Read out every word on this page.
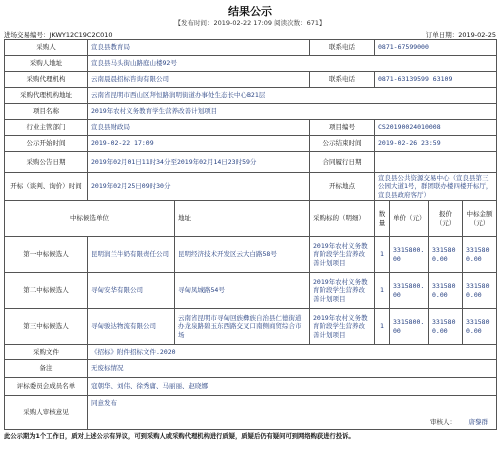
结果公示
【发布时间：2019-02-22 17:09 阅读次数：671】
进场交易编号：JKWY12C19C2C010	订单日期：2019-02-25
采购人	宣良县教育局		联系电话	0871-67599000			
采购人地址	宣良县马头街山路庭山楼92号						
采购代理机构	云南晨晨招标咨询有限公司		联系电话	0871-63139599 63109			
采购代理机构地址	云南省昆明市西山区拜恒路润明街道办事处生态长中心B21层						
项目名称	2019年农村义务教育学生营养改善计划项目						
行业主管部门	宣良县财政局		项目编号	CS20190024010008			
公示开始时间	2019-02-22 17:09		公示结束时间	2019-02-26 23:59			
采购公告日期	2019年02月01日11时34分至2019年02月14日23时59分		合同履行日期				
开标（谈判、询价）时间	2019年02月25日09时30分		开标地点	宣良县公共资源交易中心（宣良县第三公园大道1号，群团联办楼四楼开标厅，宣良县政府客厅）			
中标候选单位		地址	采购标的（明细）	数量	单价（元）	报价（元）	中标金额（元）
第一中标候选人	昆明润兰牛奶有限责任公司	昆明经济技术开发区云大白路58号	2019年农村义务教育阶段学生营养改善计划项目	1	3315800.00	3315800.00	3315800.00
第二中标候选人	寻甸安华有限公司	寻甸凤城路54号	2019年农村义务教育阶段学生营养改善计划项目	1	3315800.00	3315800.00	3315800.00
第三中标候选人	寻甸骏达物流有限公司	云南省昆明市寻甸回族彝族自治县仁德街道办龙泉路碧玉东西路交叉口南侧商贸综合市场	2019年农村义务教育阶段学生营养改善计划项目	1	3315800.00	3315800.00	3315800.00
采购文件	《招标》附件招标文件.2020						
备注	无废标情况						
评标委员会成员名单	寇朝华、刘伟、徐秀庸、马丽丽、赵晓娜						
采购人审核意见	同意发布
审核人： 唐黎群						
此公示期为1个工作日，质对上述公示有异议，可到采购人或采购代理机构进行质疑，质疑后仍有疑问可到网络购获进行投诉。
